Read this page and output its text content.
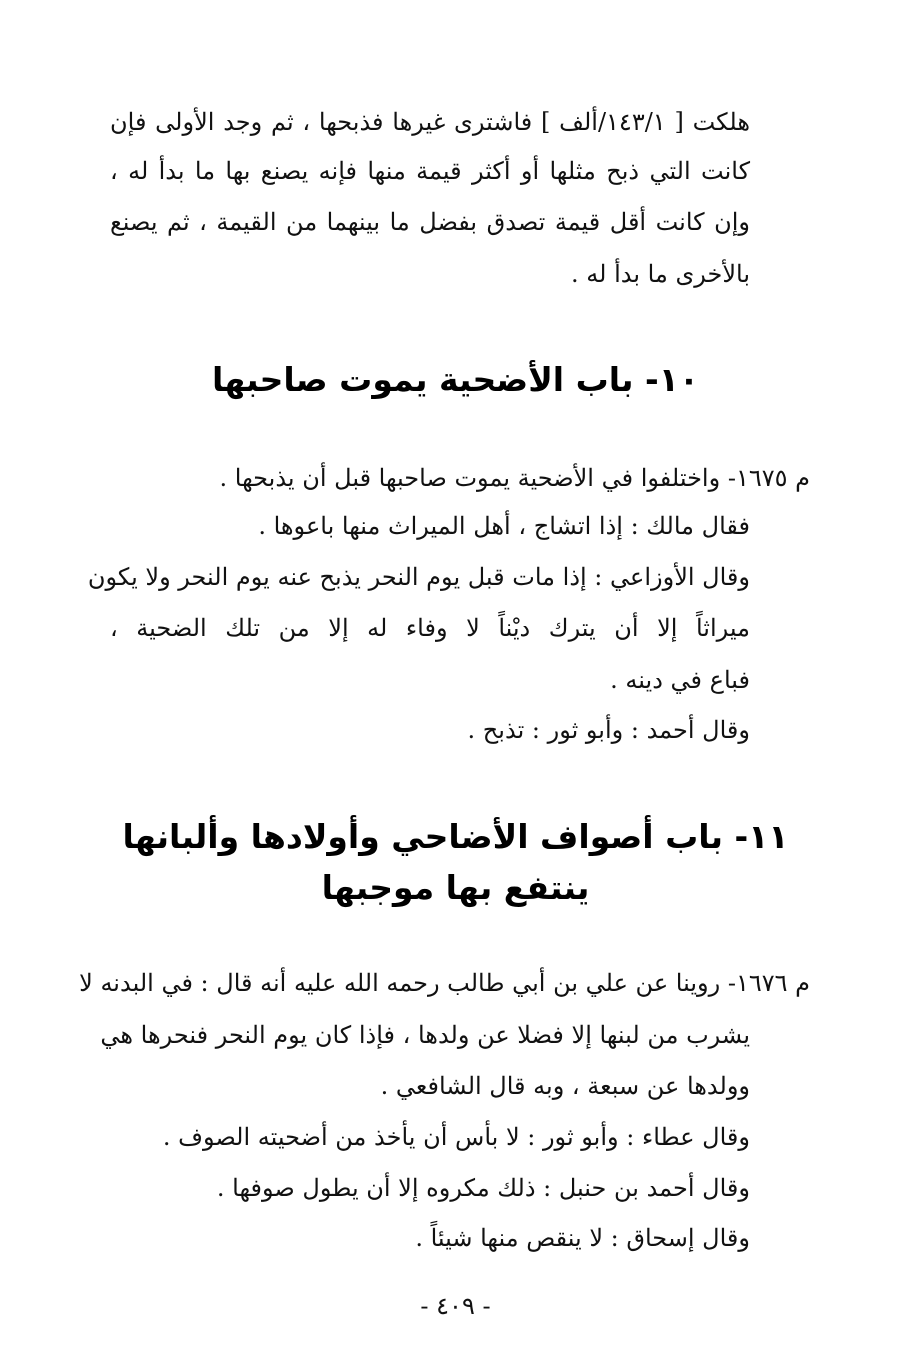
هلكت [ ١٤٣/١/ألف ] فاشترى غيرها فذبحها ، ثم وجد الأولى فإن
كانت التي ذبح مثلها أو أكثر قيمة منها فإنه يصنع بها ما بدأ له ،
وإن كانت أقل قيمة تصدق بفضل ما بينهما من القيمة ، ثم يصنع
بالأخرى ما بدأ له .
١٠- باب الأضحية يموت صاحبها
م ١٦٧٥- واختلفوا في الأضحية يموت صاحبها قبل أن يذبحها .
فقال مالك : إذا اتشاج ، أهل الميراث منها باعوها .
وقال الأوزاعي : إذا مات قبل يوم النحر يذبح عنه يوم النحر ولا يكون
ميراثاً إلا أن يترك ديْناً لا وفاء له إلا من تلك الضحية ،
فباع في دينه .
وقال أحمد : وأبو ثور : تذبح .
١١- باب أصواف الأضاحي وأولادها وألبانها
ينتفع بها موجبها
م ١٦٧٦- روينا عن علي بن أبي طالب رحمه الله عليه أنه قال : في البدنه لا
يشرب من لبنها إلا فضلا عن ولدها ، فإذا كان يوم النحر فنحرها هي
وولدها عن سبعة ، وبه قال الشافعي .
وقال عطاء : وأبو ثور : لا بأس أن يأخذ من أضحيته الصوف .
وقال أحمد بن حنبل : ذلك مكروه إلا أن يطول صوفها .
وقال إسحاق : لا ينقص منها شيئاً .
- ٤٠٩ -
